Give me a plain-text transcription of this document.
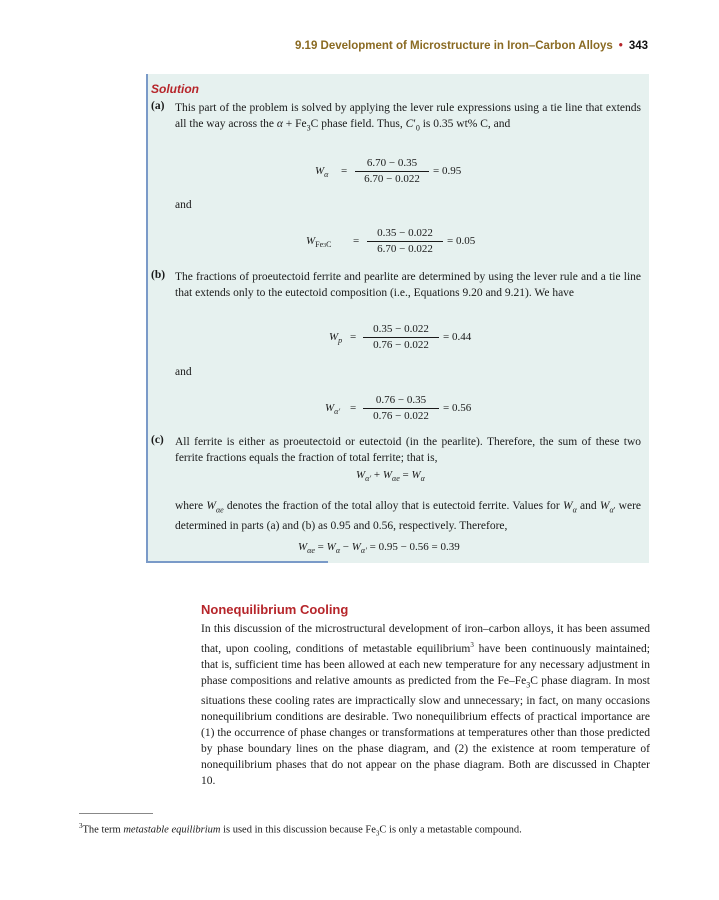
9.19 Development of Microstructure in Iron–Carbon Alloys • 343
Solution
(a) This part of the problem is solved by applying the lever rule expressions using a tie line that extends all the way across the $\alpha + Fe_3C$ phase field. Thus, $C'_0$ is 0.35 wt% C, and
$W_\alpha$ =
6.70 − 0.35
6.70 − 0.022
= 0.95
and
$W_{Fe3C}$ =
0.35 − 0.022
6.70 − 0.022
= 0.05
(b) The fractions of proeutectoid ferrite and pearlite are determined by using the lever rule and a tie line that extends only to the eutectoid composition (i.e., Equations 9.20 and 9.21). We have
$W_p$ =
0.35 − 0.022
0.76 − 0.022
= 0.44
and
$W_{\alpha'}$ =
0.76 − 0.35
0.76 − 0.022
= 0.56
(c) All ferrite is either as proeutectoid or eutectoid (in the pearlite). Therefore, the sum of these two ferrite fractions equals the fraction of total ferrite; that is,
$W_{\alpha'} + W_{\alpha e} = W_\alpha$
where $W_{\alpha e}$ denotes the fraction of the total alloy that is eutectoid ferrite. Values for $W_\alpha$ and $W_{\alpha'}$ were determined in parts (a) and (b) as 0.95 and 0.56, respectively. Therefore,
$W_{\alpha e} = W_\alpha - W_{\alpha'} = 0.95 - 0.56 = 0.39$
Nonequilibrium Cooling
In this discussion of the microstructural development of iron–carbon alloys, it has been assumed that, upon cooling, conditions of metastable equilibrium$^3$ have been continuously maintained; that is, sufficient time has been allowed at each new temperature for any necessary adjustment in phase compositions and relative amounts as predicted from the $Fe-Fe_3C$ phase diagram. In most situations these cooling rates are impractically slow and unnecessary; in fact, on many occasions nonequilibrium conditions are desirable. Two nonequilibrium effects of practical importance are (1) the occurrence of phase changes or transformations at temperatures other than those predicted by phase boundary lines on the phase diagram, and (2) the existence at room temperature of nonequilibrium phases that do not appear on the phase diagram. Both are discussed in Chapter 10.
$^3$The term metastable equilibrium is used in this discussion because $Fe_3C$ is only a metastable compound.
